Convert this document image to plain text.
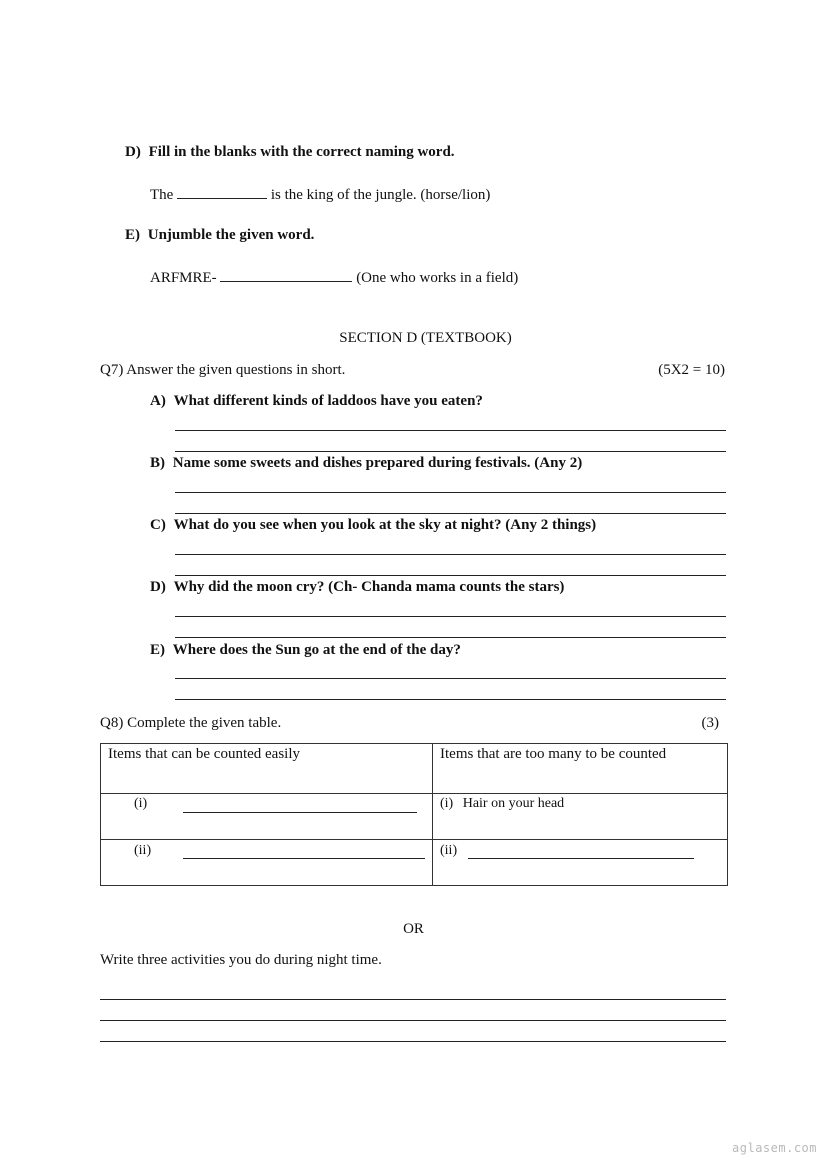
D) Fill in the blanks with the correct naming word.
The	is the king of the jungle. (horse/lion)
E) Unjumble the given word.
ARFMRE-	(One who works in a field)
SECTION D (TEXTBOOK)
Q7) Answer the given questions in short.	(5X2 = 10)
A) What different kinds of laddoos have you eaten?
B) Name some sweets and dishes prepared during festivals. (Any 2)
C) What do you see when you look at the sky at night? (Any 2 things)
D) Why did the moon cry? (Ch- Chanda mama counts the stars)
E) Where does the Sun go at the end of the day?
Q8) Complete the given table.	(3)
Items that can be counted easily	Items that are too many to be counted

(i)	(i) Hair on your head

(ii)	(ii)
OR
Write three activities you do during night time.
aglasem.com
